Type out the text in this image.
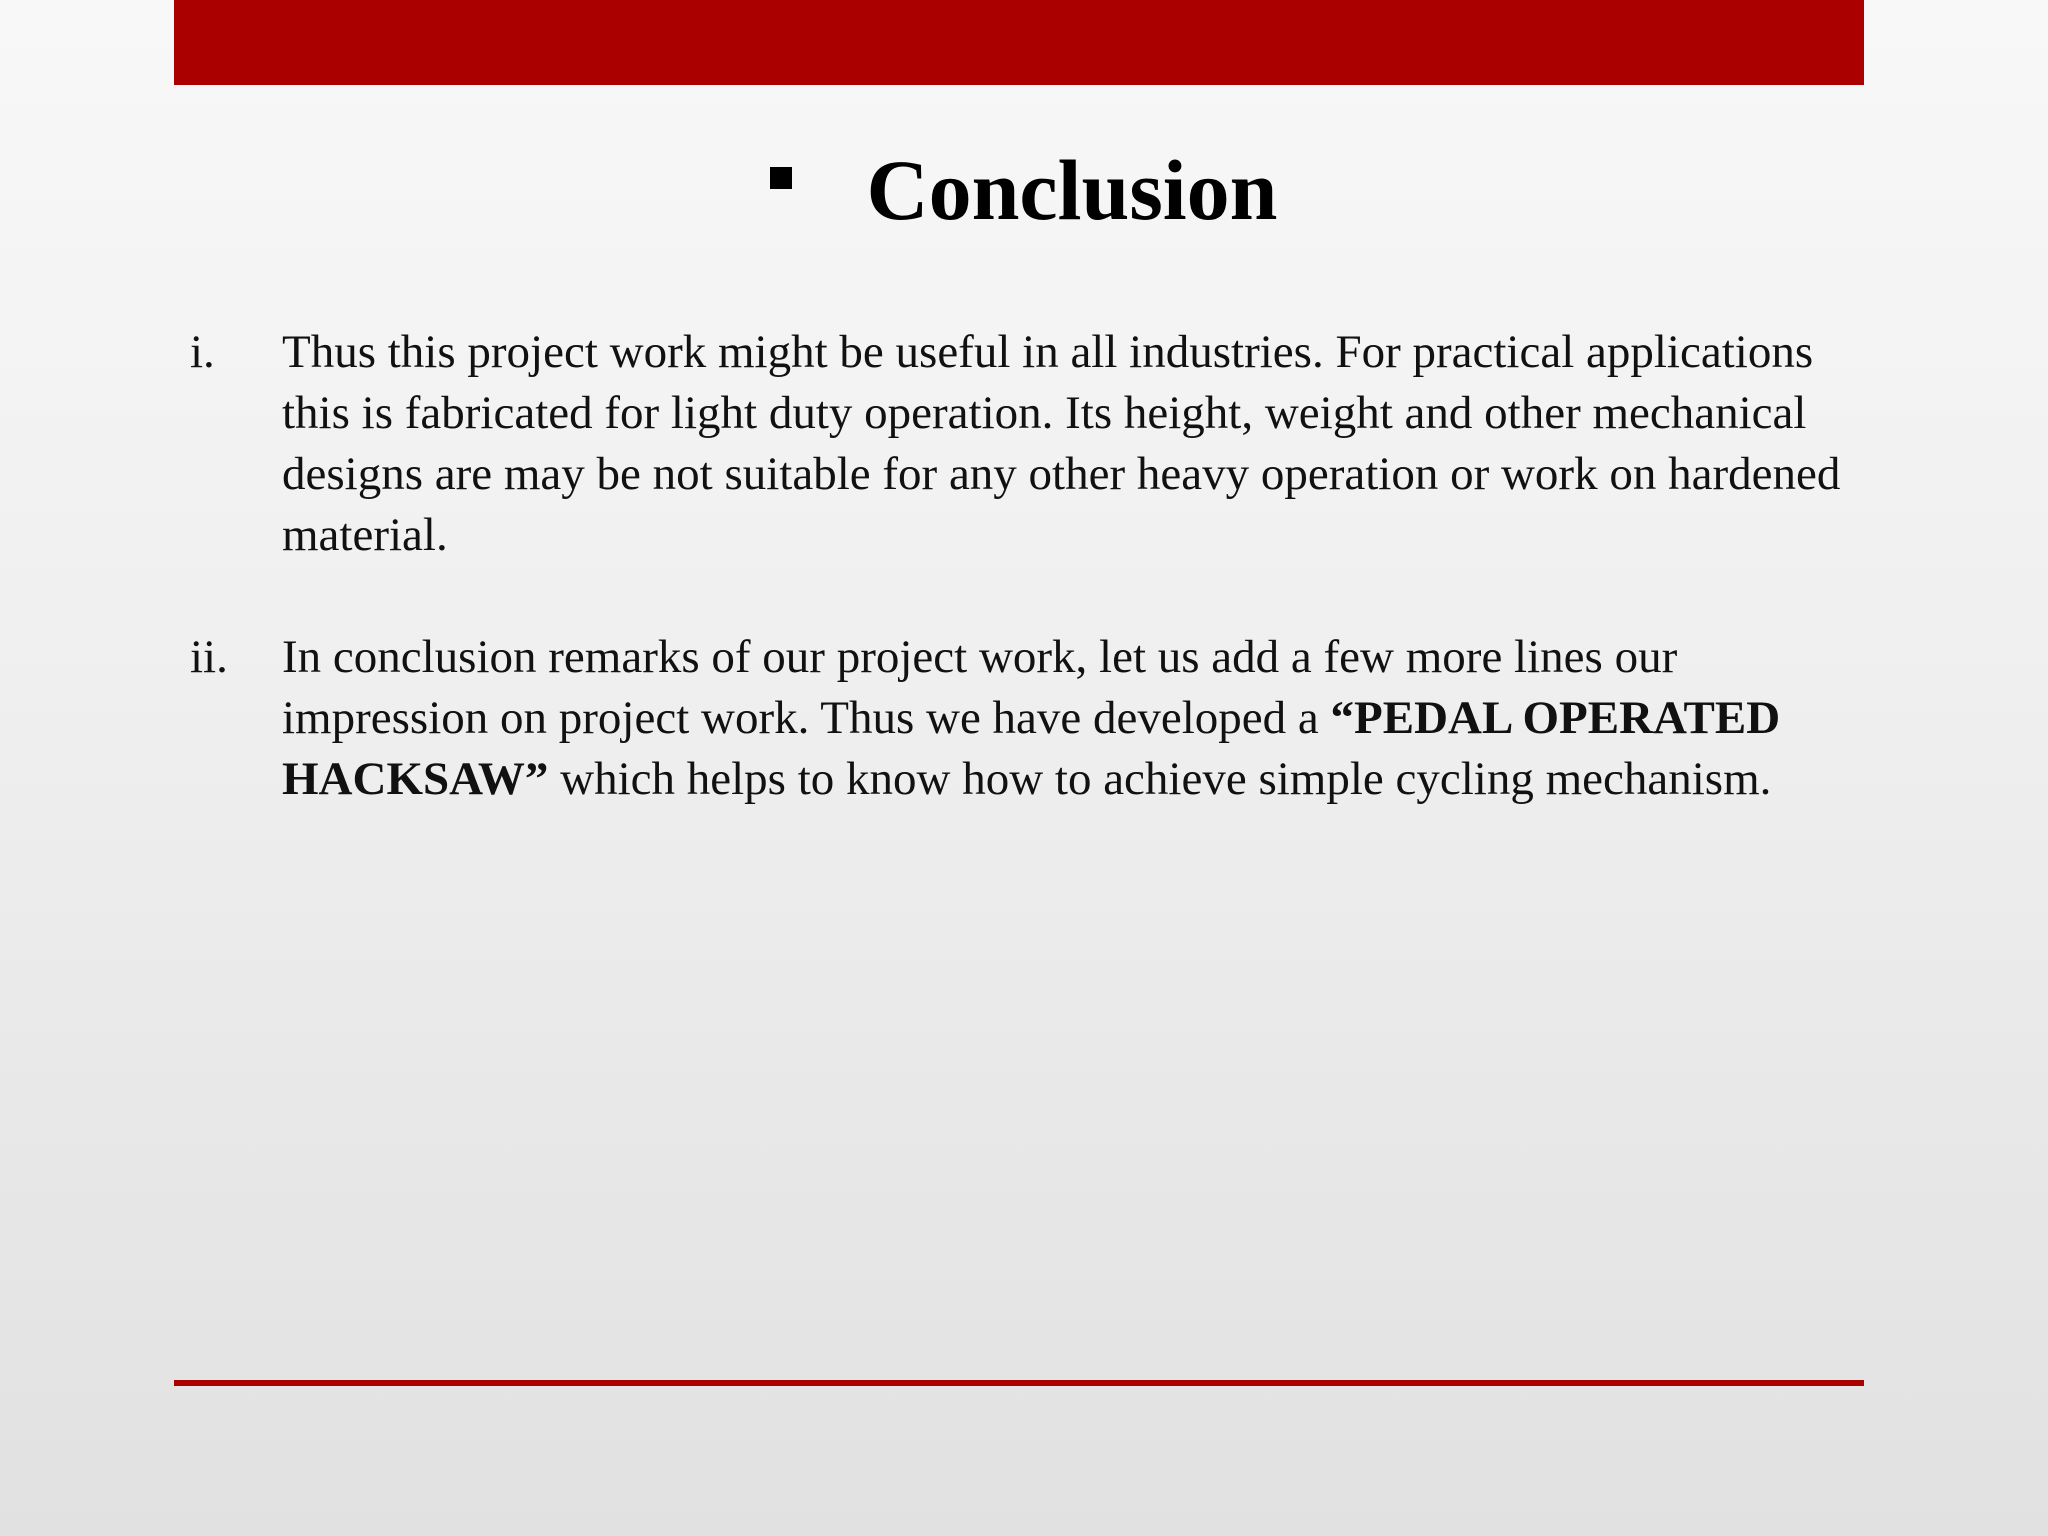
Conclusion
i.	Thus this project work might be useful in all industries. For practical applications this is fabricated for light duty operation. Its height, weight and other mechanical designs are may be not suitable for any other heavy operation or work on hardened material.
ii.	In conclusion remarks of our project work, let us add a few more lines our impression on project work. Thus we have developed a “PEDAL OPERATED HACKSAW” which helps to know how to achieve simple cycling mechanism.
